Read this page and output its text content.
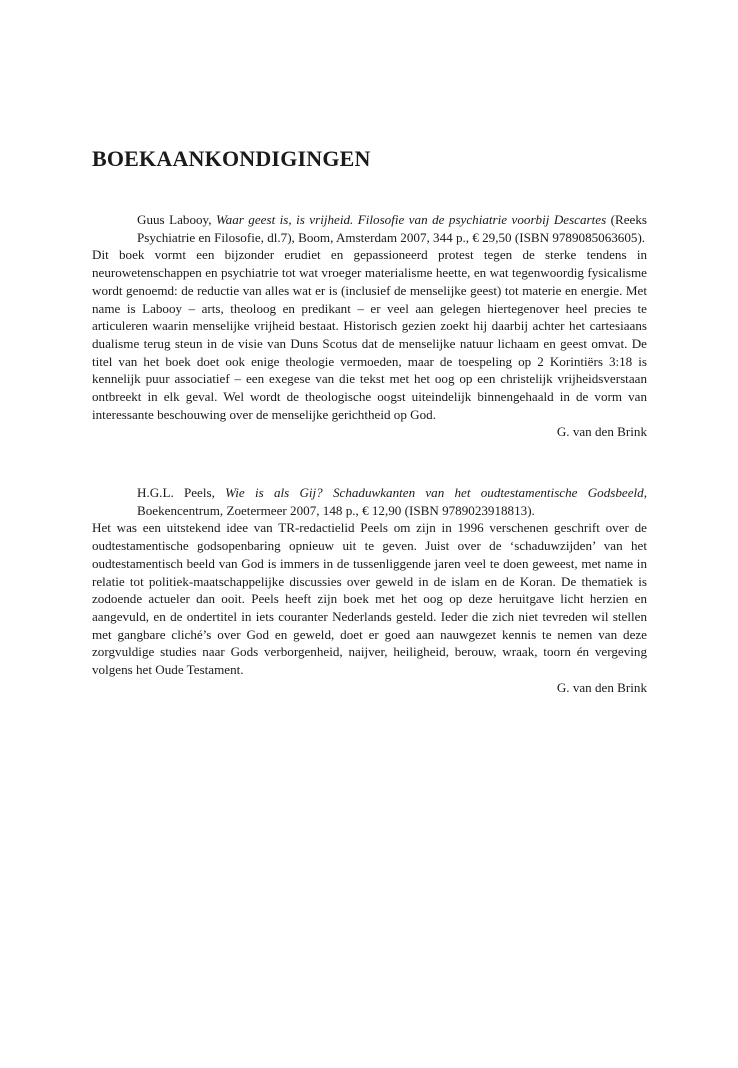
BOEKAANKONDIGINGEN

Guus Labooy, Waar geest is, is vrijheid. Filosofie van de psychiatrie voorbij Descartes (Reeks Psychiatrie en Filosofie, dl.7), Boom, Amsterdam 2007, 344 p., € 29,50 (ISBN 9789085063605).

Dit boek vormt een bijzonder erudiet en gepassioneerd protest tegen de sterke tendens in neurowetenschappen en psychiatrie tot wat vroeger materialisme heette, en wat tegenwoordig fysicalisme wordt genoemd: de reductie van alles wat er is (inclusief de menselijke geest) tot materie en energie. Met name is Labooy – arts, theoloog en predikant – er veel aan gelegen hiertegenover heel precies te articuleren waarin menselijke vrijheid bestaat. Historisch gezien zoekt hij daarbij achter het cartesiaans dualisme terug steun in de visie van Duns Scotus dat de menselijke natuur lichaam en geest omvat. De titel van het boek doet ook enige theologie vermoeden, maar de toespeling op 2 Korintiërs 3:18 is kennelijk puur associatief – een exegese van die tekst met het oog op een christelijk vrijheidsverstaan ontbreekt in elk geval. Wel wordt de theologische oogst uiteindelijk binnengehaald in de vorm van interessante beschouwing over de menselijke gerichtheid op God.

G. van den Brink

H.G.L. Peels, Wie is als Gij? Schaduwkanten van het oudtestamentische Godsbeeld, Boekencentrum, Zoetermeer 2007, 148 p., € 12,90 (ISBN 9789023918813).

Het was een uitstekend idee van TR-redactielid Peels om zijn in 1996 verschenen geschrift over de oudtestamentische godsopenbaring opnieuw uit te geven. Juist over de ‘schaduwzijden’ van het oudtestamentisch beeld van God is immers in de tussenliggende jaren veel te doen geweest, met name in relatie tot politiek-maatschappelijke discussies over geweld in de islam en de Koran. De thematiek is zodoende actueler dan ooit. Peels heeft zijn boek met het oog op deze heruitgave licht herzien en aangevuld, en de ondertitel in iets couranter Nederlands gesteld. Ieder die zich niet tevreden wil stellen met gangbare cliché’s over God en geweld, doet er goed aan nauwgezet kennis te nemen van deze zorgvuldige studies naar Gods verborgenheid, naijver, heiligheid, berouw, wraak, toorn én vergeving volgens het Oude Testament.

G. van den Brink
